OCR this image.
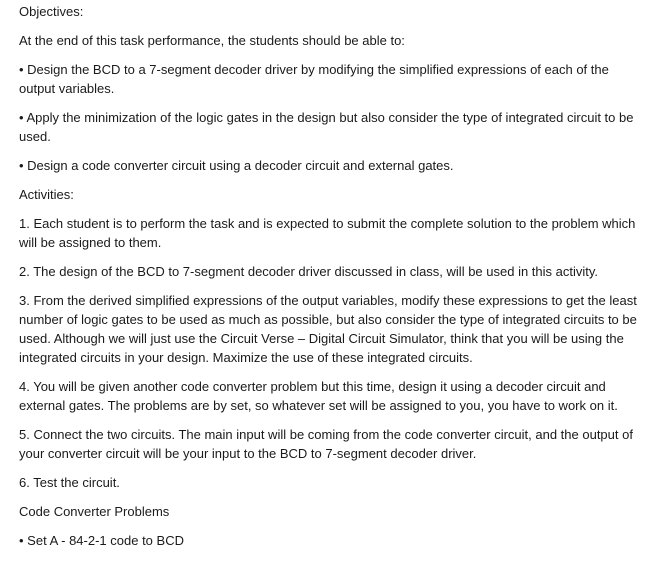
Objectives:

At the end of this task performance, the students should be able to:

• Design the BCD to a 7-segment decoder driver by modifying the simplified expressions of each of the output variables.

• Apply the minimization of the logic gates in the design but also consider the type of integrated circuit to be used.

• Design a code converter circuit using a decoder circuit and external gates.

Activities:

1. Each student is to perform the task and is expected to submit the complete solution to the problem which will be assigned to them.

2. The design of the BCD to 7-segment decoder driver discussed in class, will be used in this activity.

3. From the derived simplified expressions of the output variables, modify these expressions to get the least number of logic gates to be used as much as possible, but also consider the type of integrated circuits to be used. Although we will just use the Circuit Verse – Digital Circuit Simulator, think that you will be using the integrated circuits in your design. Maximize the use of these integrated circuits.

4. You will be given another code converter problem but this time, design it using a decoder circuit and external gates. The problems are by set, so whatever set will be assigned to you, you have to work on it.

5. Connect the two circuits. The main input will be coming from the code converter circuit, and the output of your converter circuit will be your input to the BCD to 7-segment decoder driver.

6. Test the circuit.

Code Converter Problems

• Set A - 84-2-1 code to BCD
